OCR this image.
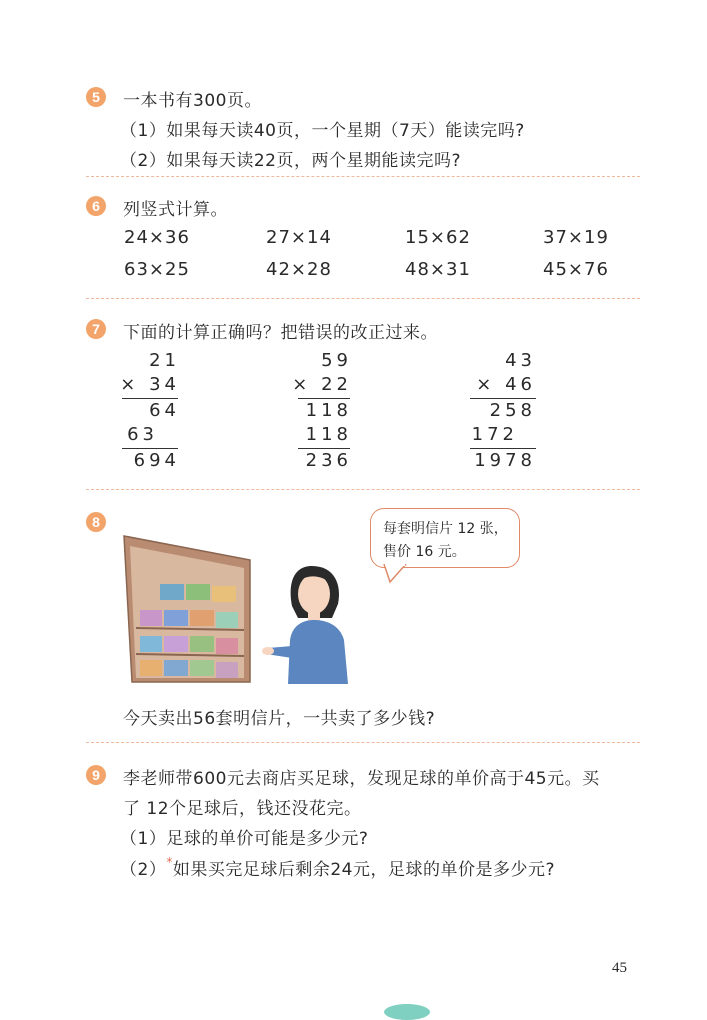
5	一本书有300页。
（1）如果每天读40页，一个星期（7天）能读完吗?
（2）如果每天读22页，两个星期能读完吗?
6	列竖式计算。
24×36	27×14	15×62	37×19
63×25	42×28	48×31	45×76
7	下面的计算正确吗？把错误的改正过来。
21
× 34
64
63
694
59
× 22
118
118
236
43
× 46
258
172
1978
8	每套明信片 12 张，
售价 16 元。
今天卖出56套明信片，一共卖了多少钱?
9	李老师带600元去商店买足球，发现足球的单价高于45元。买
了 12个足球后，钱还没花完。
（1）足球的单价可能是多少元?
（2）*如果买完足球后剩余24元，足球的单价是多少元?
45
